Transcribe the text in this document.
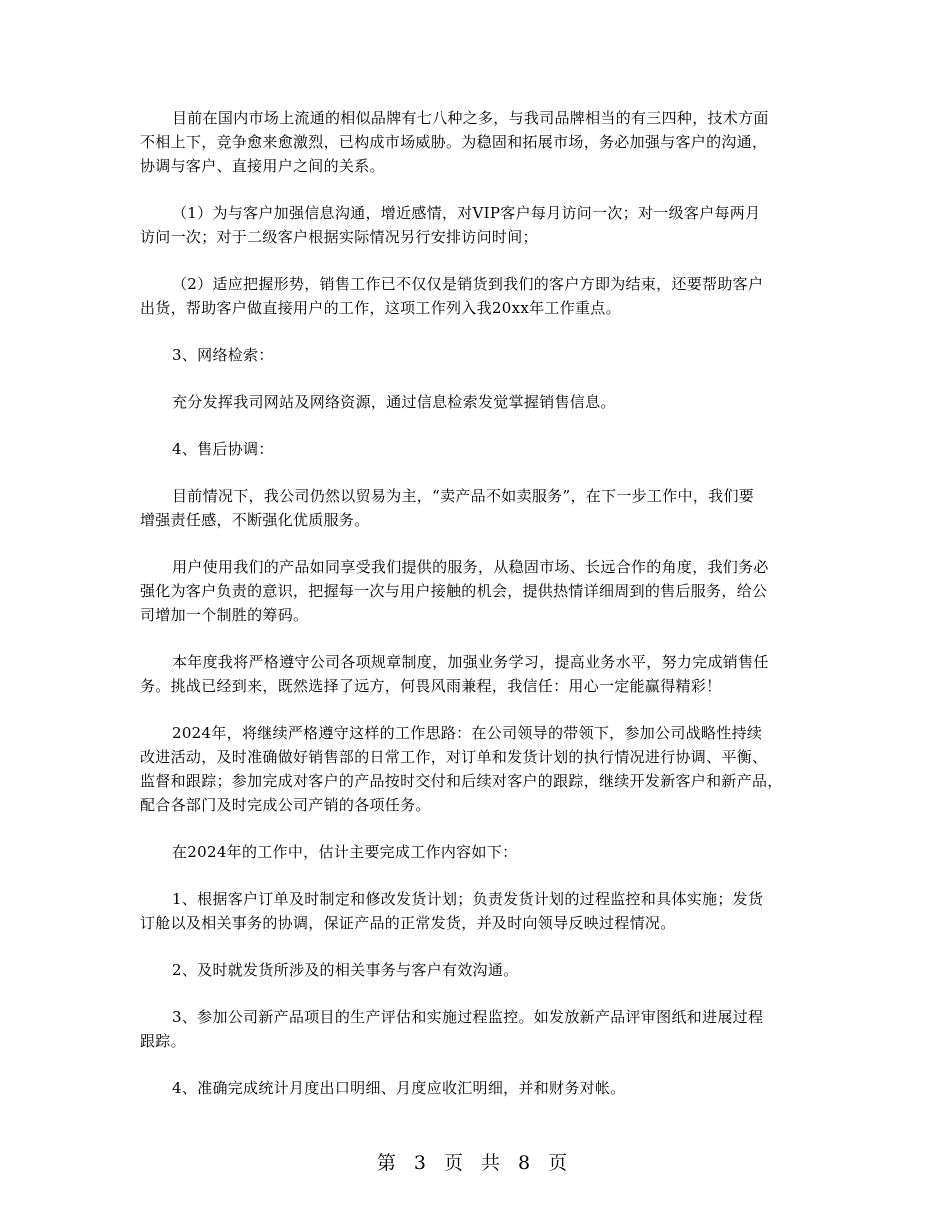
目前在国内市场上流通的相似品牌有七八种之多，与我司品牌相当的有三四种，技术方面
不相上下，竞争愈来愈激烈，已构成市场威胁。为稳固和拓展市场，务必加强与客户的沟通，
协调与客户、直接用户之间的关系。

（1）为与客户加强信息沟通，增近感情，对VIP客户每月访问一次；对一级客户每两月
访问一次；对于二级客户根据实际情况另行安排访问时间；

（2）适应把握形势，销售工作已不仅仅是销货到我们的客户方即为结束，还要帮助客户
出货，帮助客户做直接用户的工作，这项工作列入我20xx年工作重点。

3、网络检索：

充分发挥我司网站及网络资源，通过信息检索发觉掌握销售信息。

4、售后协调：

目前情况下，我公司仍然以贸易为主，“卖产品不如卖服务”，在下一步工作中，我们要
增强责任感，不断强化优质服务。

用户使用我们的产品如同享受我们提供的服务，从稳固市场、长远合作的角度，我们务必
强化为客户负责的意识，把握每一次与用户接触的机会，提供热情详细周到的售后服务，给公
司增加一个制胜的筹码。

本年度我将严格遵守公司各项规章制度，加强业务学习，提高业务水平，努力完成销售任
务。挑战已经到来，既然选择了远方，何畏风雨兼程，我信任：用心一定能赢得精彩！

2024年，将继续严格遵守这样的工作思路：在公司领导的带领下，参加公司战略性持续
改进活动，及时准确做好销售部的日常工作，对订单和发货计划的执行情况进行协调、平衡、
监督和跟踪；参加完成对客户的产品按时交付和后续对客户的跟踪，继续开发新客户和新产品，
配合各部门及时完成公司产销的各项任务。

在2024年的工作中，估计主要完成工作内容如下：

1、根据客户订单及时制定和修改发货计划；负责发货计划的过程监控和具体实施；发货
订舱以及相关事务的协调，保证产品的正常发货，并及时向领导反映过程情况。

2、及时就发货所涉及的相关事务与客户有效沟通。

3、参加公司新产品项目的生产评估和实施过程监控。如发放新产品评审图纸和进展过程
跟踪。

4、准确完成统计月度出口明细、月度应收汇明细，并和财务对帐。

第 3 页 共 8 页
